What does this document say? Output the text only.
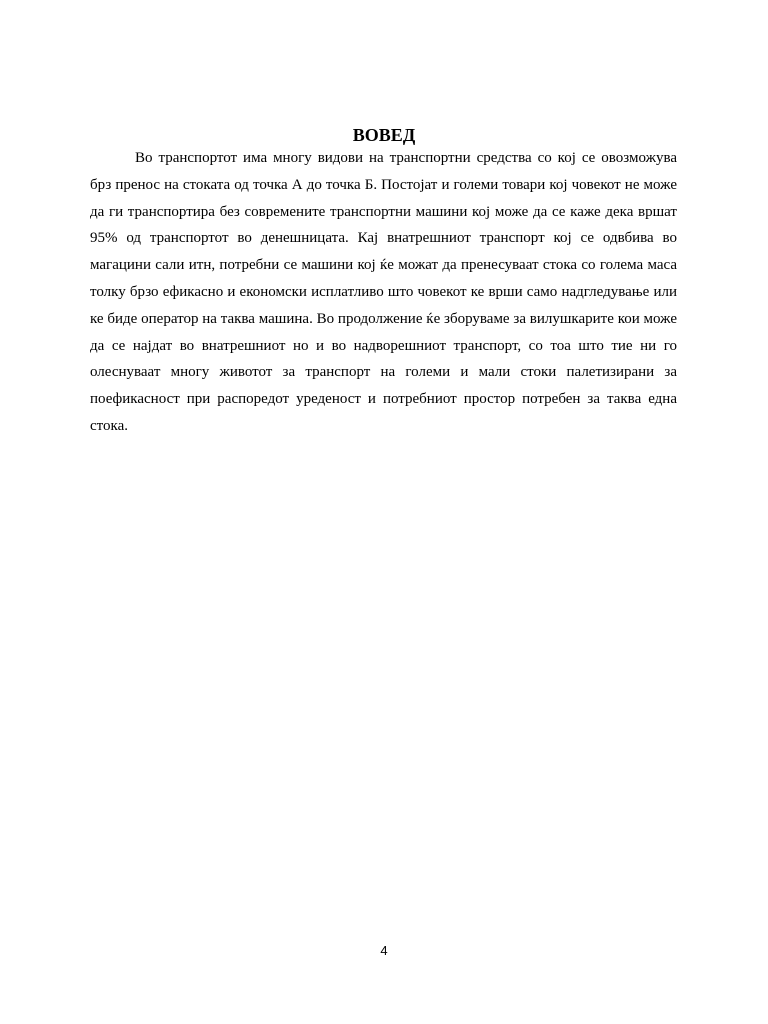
ВОВЕД

Во транспортот има многу видови на транспортни средства со кој се овозможува брз пренос на стоката од точка А до точка Б. Постојат и големи товари кој човекот не може да ги транспортира без современите транспортни машини кој може да се каже дека вршат 95% од транспортот во денешницата. Кај внатрешниот транспорт кој се одвбива во магацини сали итн, потребни се машини кој ќе можат да пренесуваат стока со голема маса толку брзо ефикасно и економски исплатливо што човекот ке врши само надгледување или ке биде оператор на таква машина. Во продолжение ќе зборуваме за вилушкарите кои може да се најдат во внатрешниот но и во надворешниот транспорт, со тоа што тие ни го олеснуваат многу животот за транспорт на големи и мали стоки палетизирани за поефикасност при распоредот уреденост и потребниот простор потребен за таква една стока.

4
